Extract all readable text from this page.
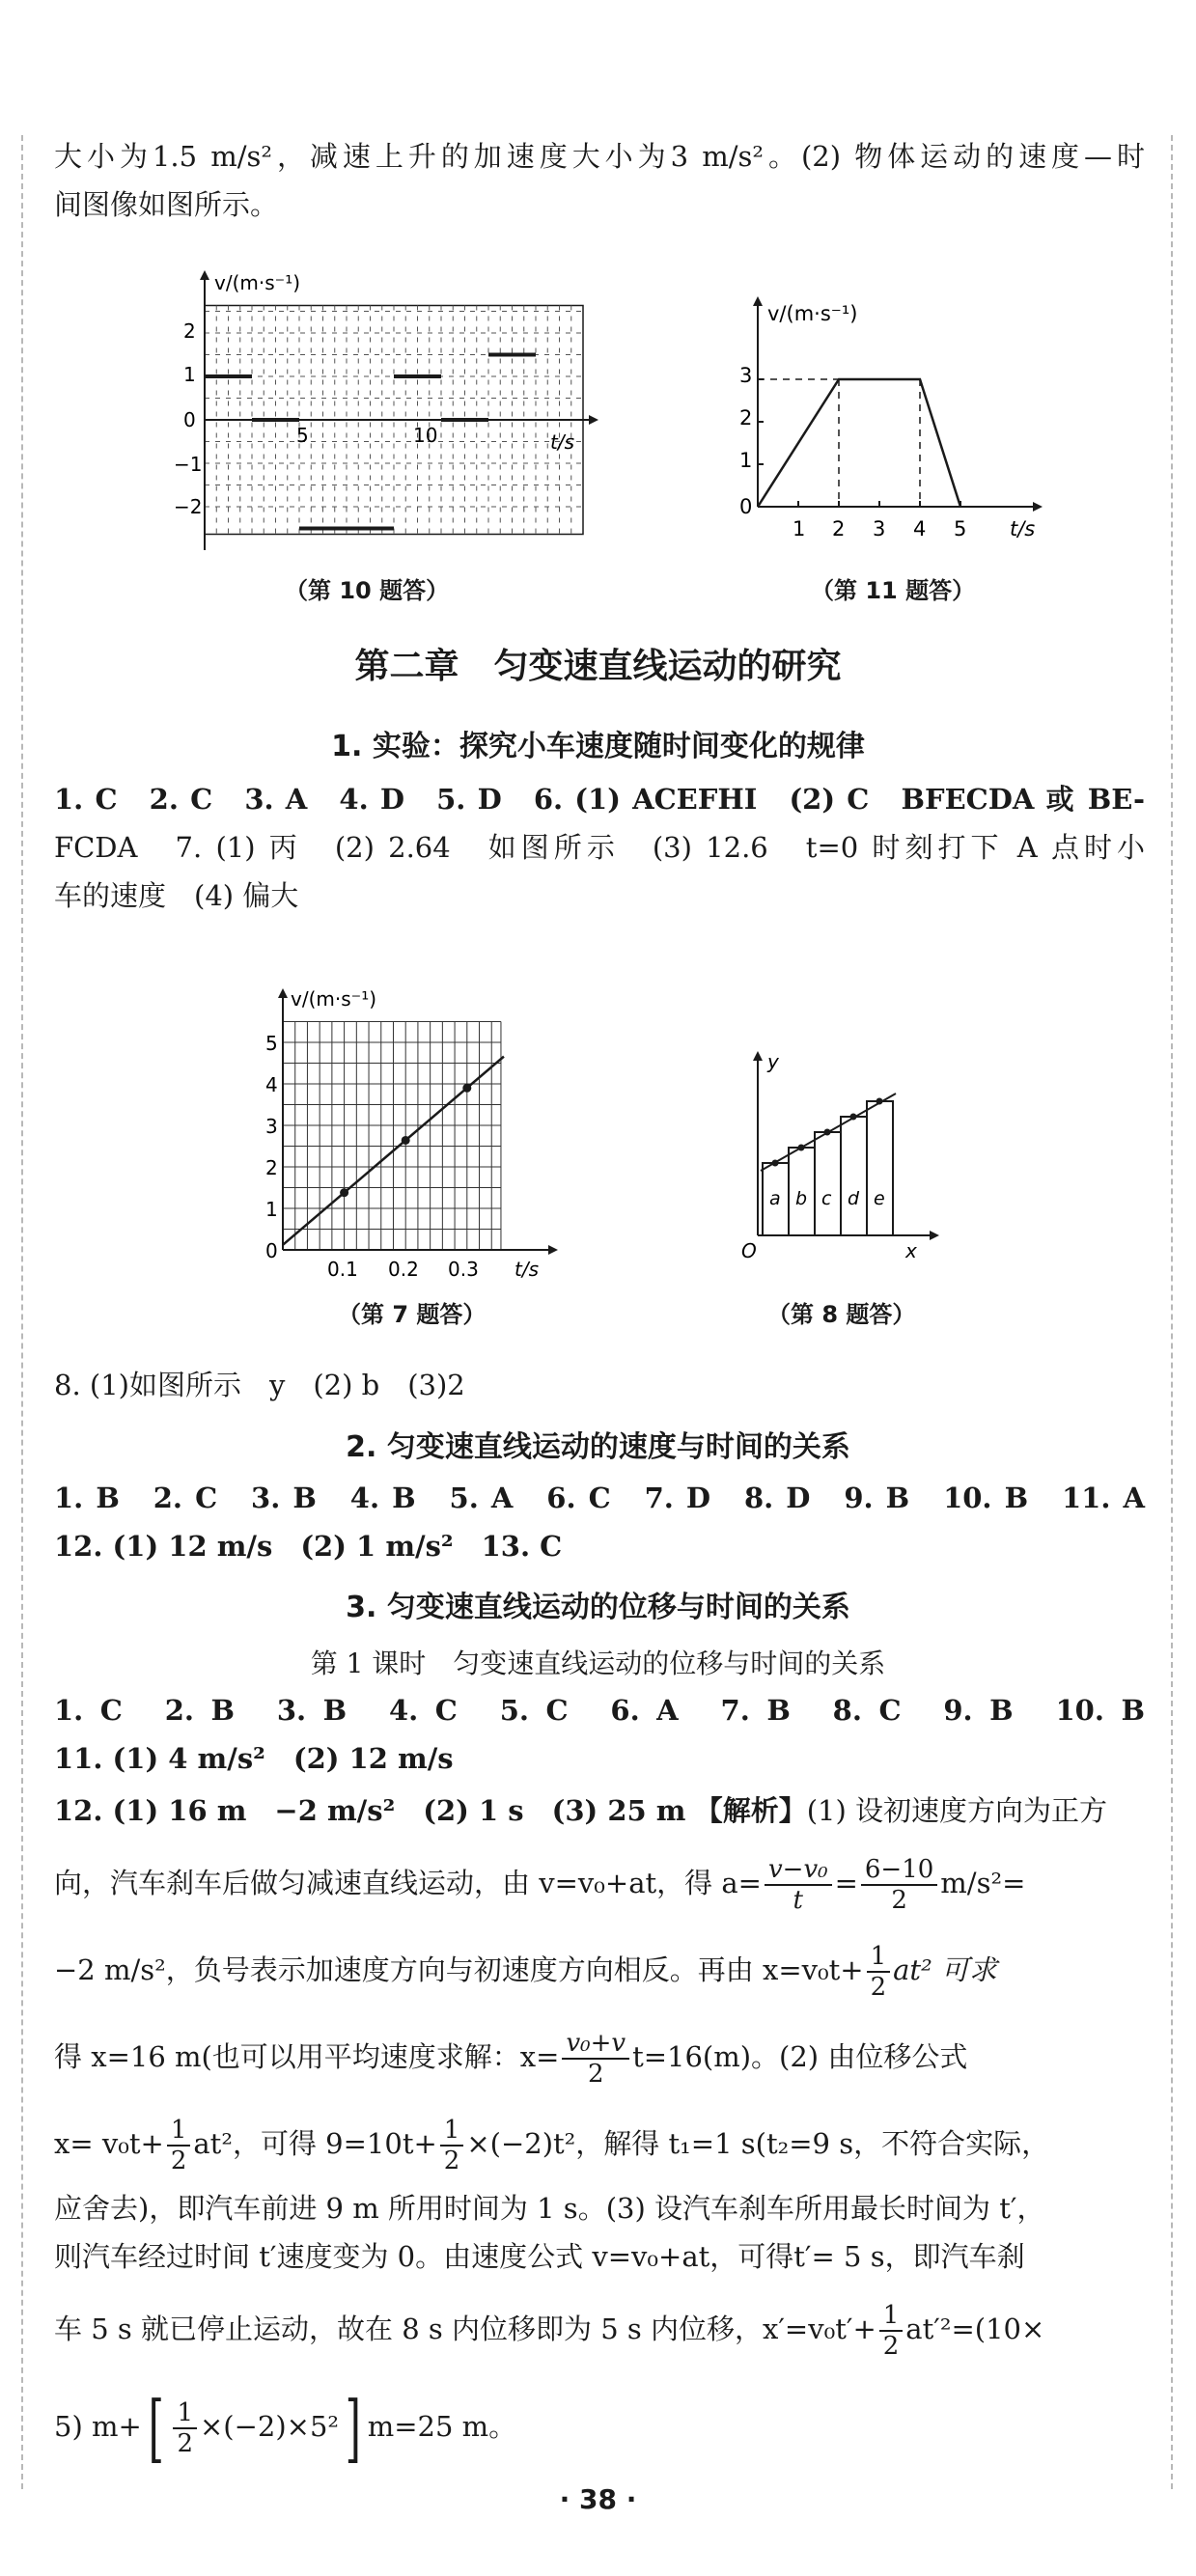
大小为1.5 m/s²，减速上升的加速度大小为3 m/s²。(2) 物体运动的速度—时
间图像如图所示。
v/(m·s⁻¹)
t/s
2
1
0
−1
−2
5	10
（第 10 题答）
v/(m·s⁻¹)
t/s
0
3
2
1
1 2 3 4 5
（第 11 题答）
第二章　匀变速直线运动的研究
1. 实验：探究小车速度随时间变化的规律
1. C　2. C　3. A　4. D　5. D　6. (1) ACEFHI　(2) C　BFECDA 或 BE-
FCDA　7. (1) 丙　(2) 2.64　如图所示　(3) 12.6　t=0 时刻打下 A 点时小
车的速度　(4) 偏大
v/(m·s⁻¹)
t/s
0
5
4
3
2
1
0.1 0.2 0.3
（第 7 题答）
y
x
O
a b c d e
（第 8 题答）
8. (1)如图所示　y　(2) b　(3)2
2. 匀变速直线运动的速度与时间的关系
1. B　2. C　3. B　4. B　5. A　6. C　7. D　8. D　9. B　10. B　11. A
12. (1) 12 m/s　(2) 1 m/s²　13. C
3. 匀变速直线运动的位移与时间的关系
第 1 课时　匀变速直线运动的位移与时间的关系
1. C　2. B　3. B　4. C　5. C　6. A　7. B　8. C　9. B　10. B
11. (1) 4 m/s²　(2) 12 m/s
12. (1) 16 m　−2 m/s²　(2) 1 s　(3) 25 m 【解析】(1) 设初速度方向为正方
向，汽车刹车后做匀减速直线运动，由 v=v₀+at，得 $a= \frac{\text{v−v₀}}{t} = \frac{6-10}{2} m/s^2=$
−2 m/s²，负号表示加速度方向与初速度方向相反。再由 $x=v_0t+ \frac{1}{2} at^2$ 可求
得 x=16 m(也可以用平均速度求解：$x= \frac{\text{v₀+v}}{2} t=16(m)$。(2) 由位移公式
$x= v_0t+ \frac{1}{2} at^2$，可得 $9=10t+ \frac{1}{2} \times(-2)t^2$，解得 t₁=1 s(t₂=9 s，不符合实际，
应舍去)，即汽车前进 9 m 所用时间为 1 s。(3) 设汽车刹车所用最长时间为 t′，
则汽车经过时间 t′速度变为 0。由速度公式 v=v₀+at，可得t′= 5 s，即汽车刹
车 5 s 就已停止运动，故在 8 s 内位移即为 5 s 内位移，$x'=v_0t'+ \frac{1}{2} at'^2=(10\times$
5) $m+[ \frac{1}{2} \times(-2)\times 5^2]$ m=25 m。
· 38 ·
